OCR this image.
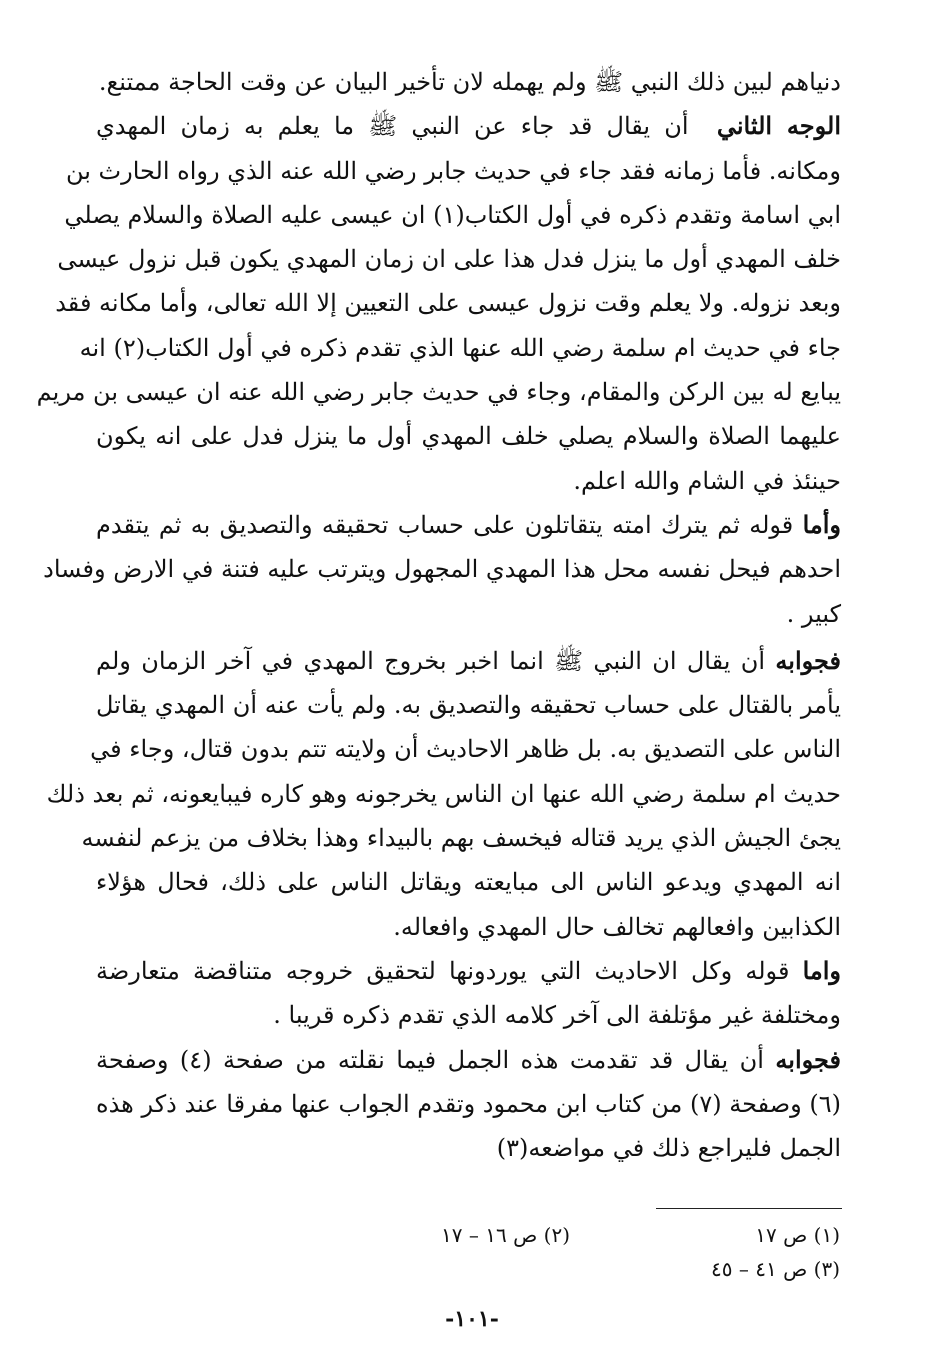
دنياهم لبين ذلك النبي ﷺ ولم يهمله لان تأخير البيان عن وقت الحاجة ممتنع.
الوجه الثاني  أن يقال قد جاء عن النبي ﷺ ما يعلم به زمان المهدي
ومكانه. فأما زمانه فقد جاء في حديث جابر رضي الله عنه الذي رواه الحارث بن
ابي اسامة وتقدم ذكره في أول الكتاب(١) ان عيسى عليه الصلاة والسلام يصلي
خلف المهدي أول ما ينزل فدل هذا على ان زمان المهدي يكون قبل نزول عيسى
وبعد نزوله. ولا يعلم وقت نزول عيسى على التعيين إلا الله تعالى، وأما مكانه فقد
جاء في حديث ام سلمة رضي الله عنها الذي تقدم ذكره في أول الكتاب(٢) انه
يبايع له بين الركن والمقام، وجاء في حديث جابر رضي الله عنه ان عيسى بن مريم
عليهما الصلاة والسلام يصلي خلف المهدي أول ما ينزل فدل على انه يكون
حينئذ في الشام والله اعلم.
وأما قوله ثم يترك امته يتقاتلون على حساب تحقيقه والتصديق به ثم يتقدم
احدهم فيحل نفسه محل هذا المهدي المجهول ويترتب عليه فتنة في الارض وفساد
كبير .
فجوابه أن يقال ان النبي ﷺ انما اخبر بخروج المهدي في آخر الزمان ولم
يأمر بالقتال على حساب تحقيقه والتصديق به. ولم يأت عنه أن المهدي يقاتل
الناس على التصديق به. بل ظاهر الاحاديث أن ولايته تتم بدون قتال، وجاء في
حديث ام سلمة رضي الله عنها ان الناس يخرجونه وهو كاره فيبايعونه، ثم بعد ذلك
يجئ الجيش الذي يريد قتاله فيخسف بهم بالبيداء وهذا بخلاف من يزعم لنفسه
انه المهدي ويدعو الناس الى مبايعته ويقاتل الناس على ذلك، فحال هؤلاء
الكذابين وافعالهم تخالف حال المهدي وافعاله.
واما قوله وكل الاحاديث التي يوردونها لتحقيق خروجه متناقضة متعارضة
ومختلفة غير مؤتلفة الى آخر كلامه الذي تقدم ذكره قريبا .
فجوابه أن يقال قد تقدمت هذه الجمل فيما نقلته من صفحة (٤) وصفحة
(٦) وصفحة (٧) من كتاب ابن محمود وتقدم الجواب عنها مفرقا عند ذكر هذه
الجمل فليراجع ذلك في مواضعه(٣)
(١) ص ١٧
(٢) ص ١٦ – ١٧
(٣) ص ٤١ – ٤٥
-١٠١-
